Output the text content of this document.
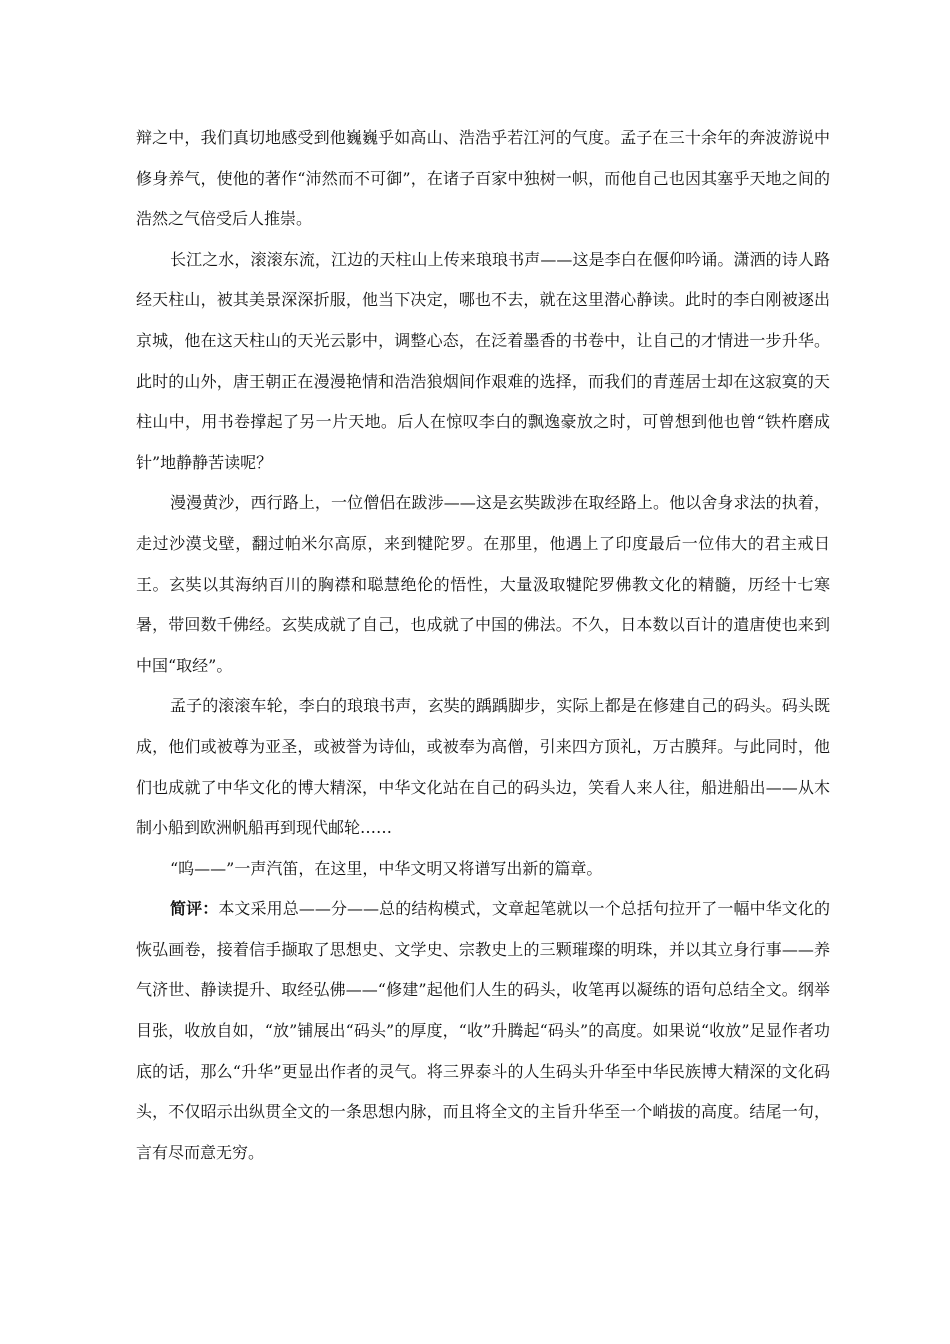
辩之中，我们真切地感受到他巍巍乎如高山、浩浩乎若江河的气度。孟子在三十余年的奔波游说中修身养气，使他的著作“沛然而不可御”，在诸子百家中独树一帜，而他自己也因其塞乎天地之间的浩然之气倍受后人推崇。

长江之水，滚滚东流，江边的天柱山上传来琅琅书声——这是李白在偃仰吟诵。潇洒的诗人路经天柱山，被其美景深深折服，他当下决定，哪也不去，就在这里潜心静读。此时的李白刚被逐出京城，他在这天柱山的天光云影中，调整心态，在泛着墨香的书卷中，让自己的才情进一步升华。此时的山外，唐王朝正在漫漫艳情和浩浩狼烟间作艰难的选择，而我们的青莲居士却在这寂寞的天柱山中，用书卷撑起了另一片天地。后人在惊叹李白的飘逸豪放之时，可曾想到他也曾“铁杵磨成针”地静静苦读呢？

漫漫黄沙，西行路上，一位僧侣在跋涉——这是玄奘跋涉在取经路上。他以舍身求法的执着，走过沙漠戈壁，翻过帕米尔高原，来到犍陀罗。在那里，他遇上了印度最后一位伟大的君主戒日王。玄奘以其海纳百川的胸襟和聪慧绝伦的悟性，大量汲取犍陀罗佛教文化的精髓，历经十七寒暑，带回数千佛经。玄奘成就了自己，也成就了中国的佛法。不久，日本数以百计的遣唐使也来到中国“取经”。

孟子的滚滚车轮，李白的琅琅书声，玄奘的踽踽脚步，实际上都是在修建自己的码头。码头既成，他们或被尊为亚圣，或被誉为诗仙，或被奉为高僧，引来四方顶礼，万古膜拜。与此同时，他们也成就了中华文化的博大精深，中华文化站在自己的码头边，笑看人来人往，船进船出——从木制小船到欧洲帆船再到现代邮轮……

“呜——”一声汽笛，在这里，中华文明又将谱写出新的篇章。

简评：本文采用总——分——总的结构模式，文章起笔就以一个总括句拉开了一幅中华文化的恢弘画卷，接着信手撷取了思想史、文学史、宗教史上的三颗璀璨的明珠，并以其立身行事——养气济世、静读提升、取经弘佛——“修建”起他们人生的码头，收笔再以凝练的语句总结全文。纲举目张，收放自如，“放”铺展出“码头”的厚度，“收”升腾起“码头”的高度。如果说“收放”足显作者功底的话，那么“升华”更显出作者的灵气。将三界泰斗的人生码头升华至中华民族博大精深的文化码头，不仅昭示出纵贯全文的一条思想内脉，而且将全文的主旨升华至一个峭拔的高度。结尾一句，言有尽而意无穷。
